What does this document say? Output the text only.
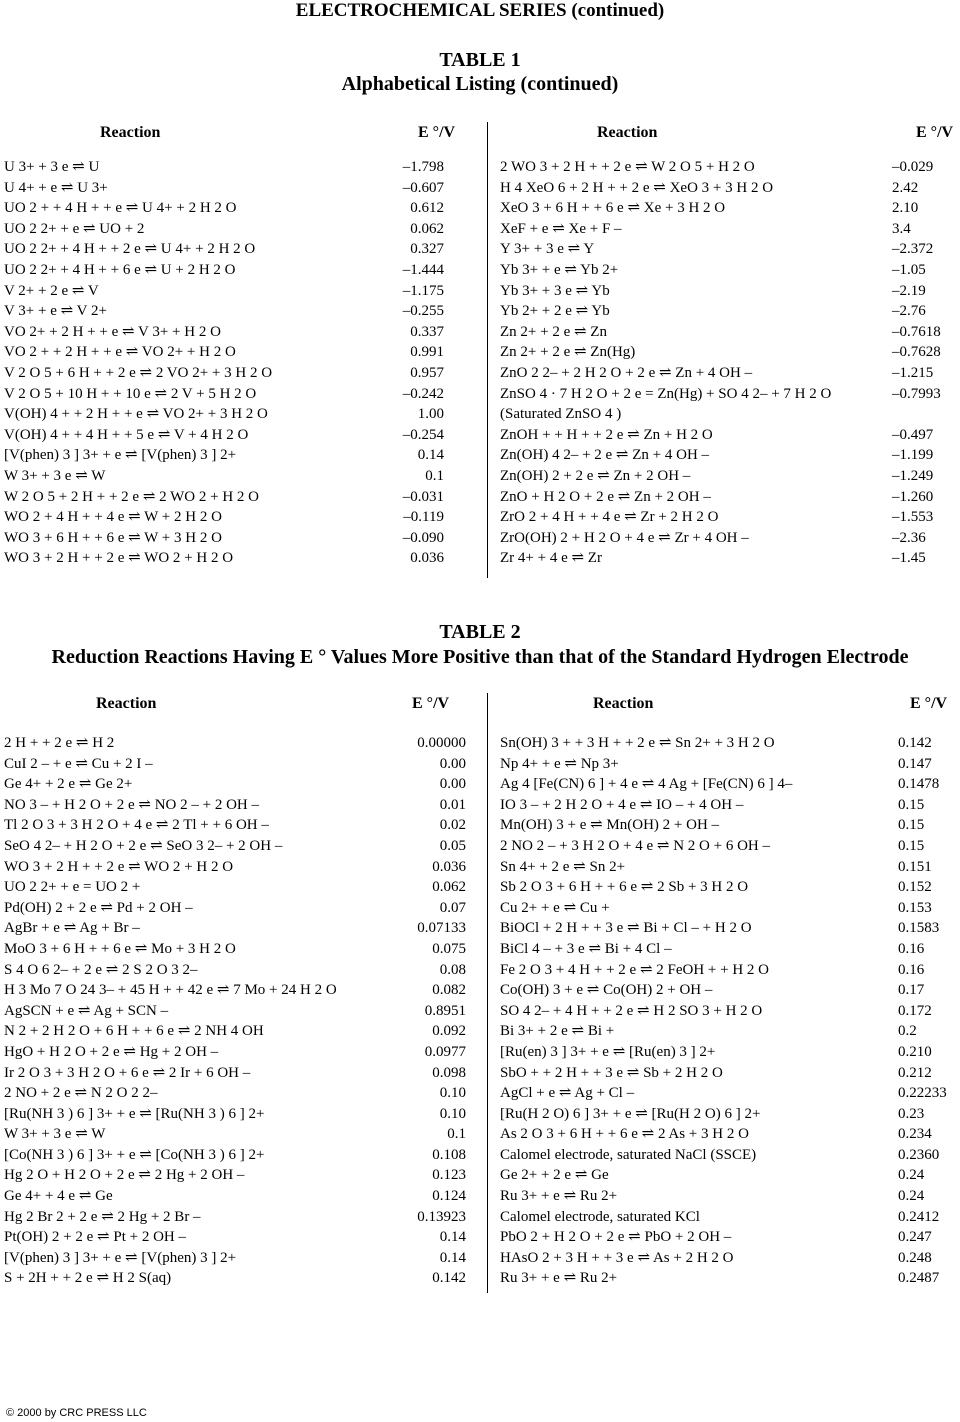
ELECTROCHEMICAL SERIES (continued)
TABLE 1
Alphabetical Listing (continued)
Reaction	E °/V	Reaction	E °/V
U 3+ + 3 e ⇌ U	–1.798
U 4+ + e ⇌ U 3+	–0.607
UO 2 + + 4 H + + e ⇌ U 4+ + 2 H 2 O	0.612
UO 2 2+ + e ⇌ UO + 2	0.062
UO 2 2+ + 4 H + + 2 e ⇌ U 4+ + 2 H 2 O	0.327
UO 2 2+ + 4 H + + 6 e ⇌ U + 2 H 2 O	–1.444
V 2+ + 2 e ⇌ V	–1.175
V 3+ + e ⇌ V 2+	–0.255
VO 2+ + 2 H + + e ⇌ V 3+ + H 2 O	0.337
VO 2 + + 2 H + + e ⇌ VO 2+ + H 2 O	0.991
V 2 O 5 + 6 H + + 2 e ⇌ 2 VO 2+ + 3 H 2 O	0.957
V 2 O 5 + 10 H + + 10 e ⇌ 2 V + 5 H 2 O	–0.242
V(OH) 4 + + 2 H + + e ⇌ VO 2+ + 3 H 2 O	1.00
V(OH) 4 + + 4 H + + 5 e ⇌ V + 4 H 2 O	–0.254
[V(phen) 3 ] 3+ + e ⇌ [V(phen) 3 ] 2+	0.14
W 3+ + 3 e ⇌ W	0.1
W 2 O 5 + 2 H + + 2 e ⇌ 2 WO 2 + H 2 O	–0.031
WO 2 + 4 H + + 4 e ⇌ W + 2 H 2 O	–0.119
WO 3 + 6 H + + 6 e ⇌ W + 3 H 2 O	–0.090
WO 3 + 2 H + + 2 e ⇌ WO 2 + H 2 O	0.036
2 WO 3 + 2 H + + 2 e ⇌ W 2 O 5 + H 2 O	–0.029
H 4 XeO 6 + 2 H + + 2 e ⇌ XeO 3 + 3 H 2 O	2.42
XeO 3 + 6 H + + 6 e ⇌ Xe + 3 H 2 O	2.10
XeF + e ⇌ Xe + F –	3.4
Y 3+ + 3 e ⇌ Y	–2.372
Yb 3+ + e ⇌ Yb 2+	–1.05
Yb 3+ + 3 e ⇌ Yb	–2.19
Yb 2+ + 2 e ⇌ Yb	–2.76
Zn 2+ + 2 e ⇌ Zn	–0.7618
Zn 2+ + 2 e ⇌ Zn(Hg)	–0.7628
ZnO 2 2– + 2 H 2 O + 2 e ⇌ Zn + 4 OH –	–1.215
ZnSO 4 · 7 H 2 O + 2 e = Zn(Hg) + SO 4 2– + 7 H 2 O	–0.7993
(Saturated ZnSO 4 )
ZnOH + + H + + 2 e ⇌ Zn + H 2 O	–0.497
Zn(OH) 4 2– + 2 e ⇌ Zn + 4 OH –	–1.199
Zn(OH) 2 + 2 e ⇌ Zn + 2 OH –	–1.249
ZnO + H 2 O + 2 e ⇌ Zn + 2 OH –	–1.260
ZrO 2 + 4 H + + 4 e ⇌ Zr + 2 H 2 O	–1.553
ZrO(OH) 2 + H 2 O + 4 e ⇌ Zr + 4 OH –	–2.36
Zr 4+ + 4 e ⇌ Zr	–1.45
TABLE 2
Reduction Reactions Having E ° Values More Positive than that of the Standard Hydrogen Electrode
Reaction	E °/V	Reaction	E °/V
2 H + + 2 e ⇌ H 2	0.00000
CuI 2 – + e ⇌ Cu + 2 I –	0.00
Ge 4+ + 2 e ⇌ Ge 2+	0.00
NO 3 – + H 2 O + 2 e ⇌ NO 2 – + 2 OH –	0.01
Tl 2 O 3 + 3 H 2 O + 4 e ⇌ 2 Tl + + 6 OH –	0.02
SeO 4 2– + H 2 O + 2 e ⇌ SeO 3 2– + 2 OH –	0.05
WO 3 + 2 H + + 2 e ⇌ WO 2 + H 2 O	0.036
UO 2 2+ + e = UO 2 +	0.062
Pd(OH) 2 + 2 e ⇌ Pd + 2 OH –	0.07
AgBr + e ⇌ Ag + Br –	0.07133
MoO 3 + 6 H + + 6 e ⇌ Mo + 3 H 2 O	0.075
S 4 O 6 2– + 2 e ⇌ 2 S 2 O 3 2–	0.08
H 3 Mo 7 O 24 3– + 45 H + + 42 e ⇌ 7 Mo + 24 H 2 O	0.082
AgSCN + e ⇌ Ag + SCN –	0.8951
N 2 + 2 H 2 O + 6 H + + 6 e ⇌ 2 NH 4 OH	0.092
HgO + H 2 O + 2 e ⇌ Hg + 2 OH –	0.0977
Ir 2 O 3 + 3 H 2 O + 6 e ⇌ 2 Ir + 6 OH –	0.098
2 NO + 2 e ⇌ N 2 O 2 2–	0.10
[Ru(NH 3 ) 6 ] 3+ + e ⇌ [Ru(NH 3 ) 6 ] 2+	0.10
W 3+ + 3 e ⇌ W	0.1
[Co(NH 3 ) 6 ] 3+ + e ⇌ [Co(NH 3 ) 6 ] 2+	0.108
Hg 2 O + H 2 O + 2 e ⇌ 2 Hg + 2 OH –	0.123
Ge 4+ + 4 e ⇌ Ge	0.124
Hg 2 Br 2 + 2 e ⇌ 2 Hg + 2 Br –	0.13923
Pt(OH) 2 + 2 e ⇌ Pt + 2 OH –	0.14
[V(phen) 3 ] 3+ + e ⇌ [V(phen) 3 ] 2+	0.14
S + 2H + + 2 e ⇌ H 2 S(aq)	0.142
Sn(OH) 3 + + 3 H + + 2 e ⇌ Sn 2+ + 3 H 2 O	0.142
Np 4+ + e ⇌ Np 3+	0.147
Ag 4 [Fe(CN) 6 ] + 4 e ⇌ 4 Ag + [Fe(CN) 6 ] 4–	0.1478
IO 3 – + 2 H 2 O + 4 e ⇌ IO – + 4 OH –	0.15
Mn(OH) 3 + e ⇌ Mn(OH) 2 + OH –	0.15
2 NO 2 – + 3 H 2 O + 4 e ⇌ N 2 O + 6 OH –	0.15
Sn 4+ + 2 e ⇌ Sn 2+	0.151
Sb 2 O 3 + 6 H + + 6 e ⇌ 2 Sb + 3 H 2 O	0.152
Cu 2+ + e ⇌ Cu +	0.153
BiOCl + 2 H + + 3 e ⇌ Bi + Cl – + H 2 O	0.1583
BiCl 4 – + 3 e ⇌ Bi + 4 Cl –	0.16
Fe 2 O 3 + 4 H + + 2 e ⇌ 2 FeOH + + H 2 O	0.16
Co(OH) 3 + e ⇌ Co(OH) 2 + OH –	0.17
SO 4 2– + 4 H + + 2 e ⇌ H 2 SO 3 + H 2 O	0.172
Bi 3+ + 2 e ⇌ Bi +	0.2
[Ru(en) 3 ] 3+ + e ⇌ [Ru(en) 3 ] 2+	0.210
SbO + + 2 H + + 3 e ⇌ Sb + 2 H 2 O	0.212
AgCl + e ⇌ Ag + Cl –	0.22233
[Ru(H 2 O) 6 ] 3+ + e ⇌ [Ru(H 2 O) 6 ] 2+	0.23
As 2 O 3 + 6 H + + 6 e ⇌ 2 As + 3 H 2 O	0.234
Calomel electrode, saturated NaCl (SSCE)	0.2360
Ge 2+ + 2 e ⇌ Ge	0.24
Ru 3+ + e ⇌ Ru 2+	0.24
Calomel electrode, saturated KCl	0.2412
PbO 2 + H 2 O + 2 e ⇌ PbO + 2 OH –	0.247
HAsO 2 + 3 H + + 3 e ⇌ As + 2 H 2 O	0.248
Ru 3+ + e ⇌ Ru 2+	0.2487
© 2000 by CRC PRESS LLC
